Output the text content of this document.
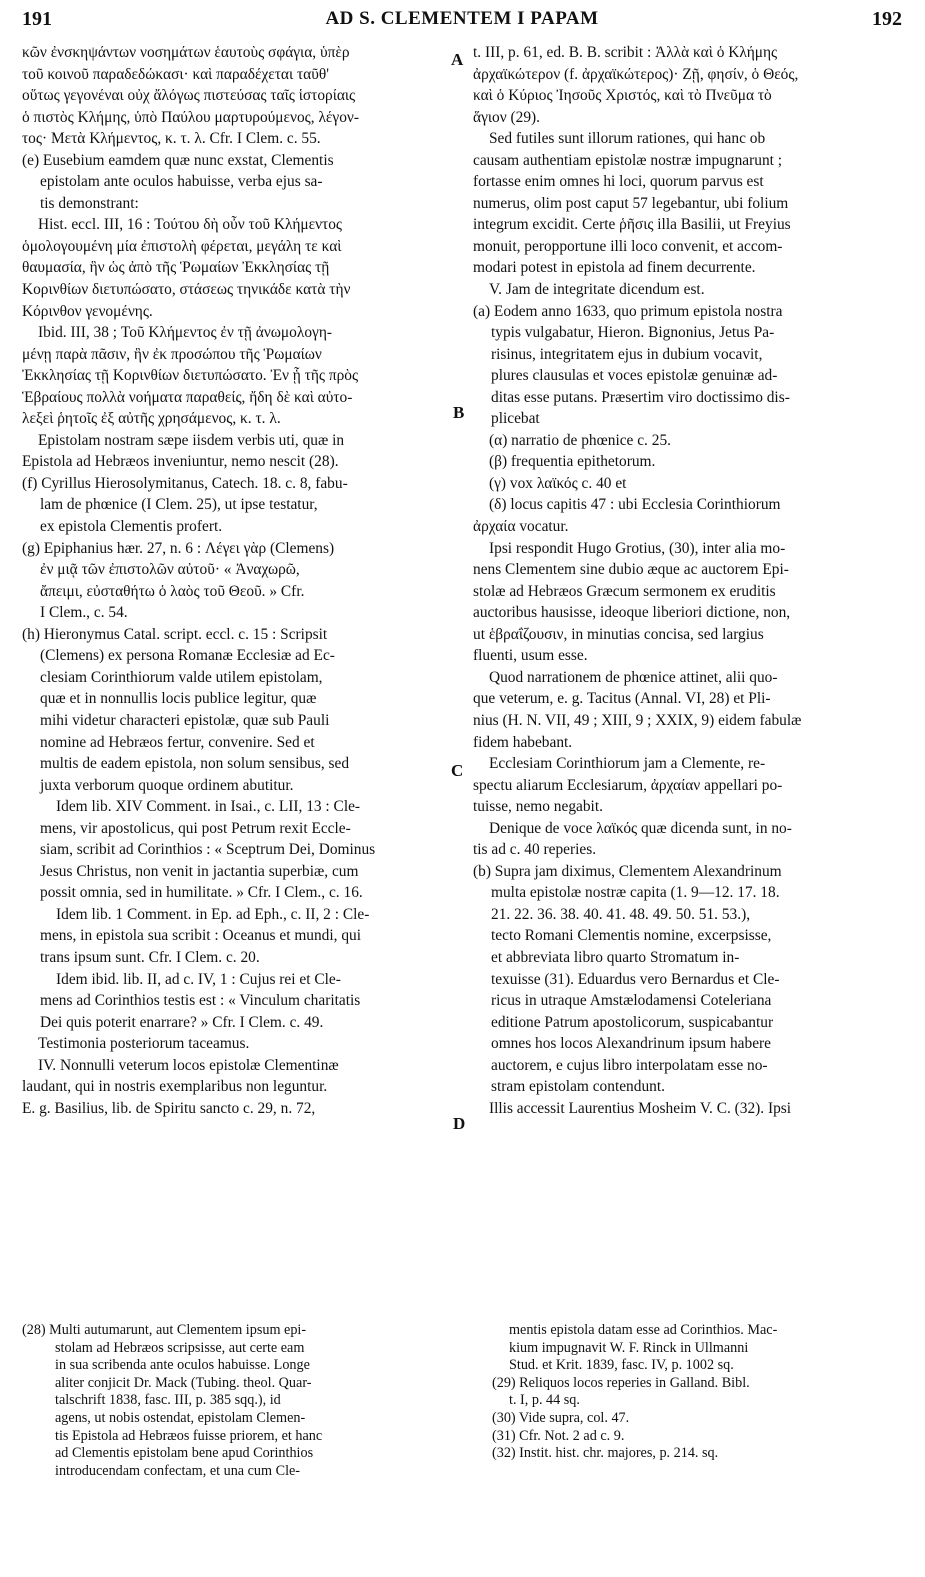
191	AD S. CLEMENTEM I PAPAM	192
κῶν ἐνσκηψάντων νοσημάτων ἑαυτοὺς σφάγια, ὑπὲρ
τοῦ κοινοῦ παραδεδώκασι· καὶ παραδέχεται ταῦθ'
οὕτως γεγονέναι οὐχ ἄλόγως πιστεύσας ταῖς ἱστορίαις
ὁ πιστὸς Κλήμης, ὑπὸ Παύλου μαρτυρούμενος, λέγον-
τος· Μετὰ Κλήμεντος, κ. τ. λ. Cfr. I Clem. c. 55.
(e) Eusebium eamdem quæ nunc exstat, Clementis
epistolam ante oculos habuisse, verba ejus sa-
tis demonstrant:
Hist. eccl. III, 16 : Τούτου δὴ οὖν τοῦ Κλήμεντος
ὁμολογουμένη μία ἐπιστολὴ φέρεται, μεγάλη τε καὶ
θαυμασία, ἣν ὡς ἀπὸ τῆς Ῥωμαίων Ἐκκλησίας τῇ
Κορινθίων διετυπώσατο, στάσεως τηνικάδε κατὰ τὴν
Κόρινθον γενομένης.
Ibid. III, 38 ; Τοῦ Κλήμεντος ἐν τῇ ἀνωμολογη-
μένῃ παρὰ πᾶσιν, ἣν ἐκ προσώπου τῆς Ῥωμαίων
Ἐκκλησίας τῇ Κορινθίων διετυπώσατο. Ἐν ᾗ τῆς πρὸς
Ἑβραίους πολλὰ νοήματα παραθείς, ἤδη δὲ καὶ αὐτο-
λεξεὶ ῥητοῖς ἐξ αὐτῆς χρησάμενος, κ. τ. λ.
Epistolam nostram sæpe iisdem verbis uti, quæ in
Epistola ad Hebræos inveniuntur, nemo nescit (28).
(f) Cyrillus Hierosolymitanus, Catech. 18. c. 8, fabu-
lam de phœnice (I Clem. 25), ut ipse testatur,
ex epistola Clementis profert.
(g) Epiphanius hær. 27, n. 6 : Λέγει γὰρ (Clemens)
ἐν μιᾷ τῶν ἐπιστολῶν αὐτοῦ· « Ἀναχωρῶ,
ἄπειμι, εὐσταθήτω ὁ λαὸς τοῦ Θεοῦ. » Cfr.
I Clem., c. 54.
(h) Hieronymus Catal. script. eccl. c. 15 : Scripsit
(Clemens) ex persona Romanæ Ecclesiæ ad Ec-
clesiam Corinthiorum valde utilem epistolam,
quæ et in nonnullis locis publice legitur, quæ
mihi videtur characteri epistolæ, quæ sub Pauli
nomine ad Hebræos fertur, convenire. Sed et
multis de eadem epistola, non solum sensibus, sed
juxta verborum quoque ordinem abutitur.
Idem lib. XIV Comment. in Isai., c. LII, 13 : Cle-
mens, vir apostolicus, qui post Petrum rexit Eccle-
siam, scribit ad Corinthios : « Sceptrum Dei, Dominus
Jesus Christus, non venit in jactantia superbiæ, cum
possit omnia, sed in humilitate. » Cfr. I Clem., c. 16.
Idem lib. 1 Comment. in Ep. ad Eph., c. II, 2 : Cle-
mens, in epistola sua scribit : Oceanus et mundi, qui
trans ipsum sunt. Cfr. I Clem. c. 20.
Idem ibid. lib. II, ad c. IV, 1 : Cujus rei et Cle-
mens ad Corinthios testis est : « Vinculum charitatis
Dei quis poterit enarrare? » Cfr. I Clem. c. 49.
Testimonia posteriorum taceamus.
IV. Nonnulli veterum locos epistolæ Clementinæ
laudant, qui in nostris exemplaribus non leguntur.
E. g. Basilius, lib. de Spiritu sancto c. 29, n. 72,
t. III, p. 61, ed. B. B. scribit : Ἀλλὰ καὶ ὁ Κλήμης
ἀρχαϊκώτερον (f. ἀρχαϊκώτερος)· Ζῇ, φησίν, ὁ Θεός,
καὶ ὁ Κύριος Ἰησοῦς Χριστός, καὶ τὸ Πνεῦμα τὸ
ἅγιον (29).
Sed futiles sunt illorum rationes, qui hanc ob
causam authentiam epistolæ nostræ impugnarunt ;
fortasse enim omnes hi loci, quorum parvus est
numerus, olim post caput 57 legebantur, ubi folium
integrum excidit. Certe ῥῆσις illa Basilii, ut Freyius
monuit, peropportune illi loco convenit, et accom-
modari potest in epistola ad finem decurrente.
V. Jam de integritate dicendum est.
(a) Eodem anno 1633, quo primum epistola nostra
typis vulgabatur, Hieron. Bignonius, Jetus Pa-
risinus, integritatem ejus in dubium vocavit,
plures clausulas et voces epistolæ genuinæ ad-
ditas esse putans. Præsertim viro doctissimo dis-
plicebat
(α) narratio de phœnice c. 25.
(β) frequentia epithetorum.
(γ) vox λαϊκός c. 40 et
(δ) locus capitis 47 : ubi Ecclesia Corinthiorum
ἀρχαία vocatur.
Ipsi respondit Hugo Grotius, (30), inter alia mo-
nens Clementem sine dubio æque ac auctorem Epi-
stolæ ad Hebræos Græcum sermonem ex eruditis
auctoribus hausisse, ideoque liberiori dictione, non,
ut ἑβραΐζουσιν, in minutias concisa, sed largius
fluenti, usum esse.
Quod narrationem de phœnice attinet, alii quo-
que veterum, e. g. Tacitus (Annal. VI, 28) et Pli-
nius (H. N. VII, 49 ; XIII, 9 ; XXIX, 9) eidem fabulæ
fidem habebant.
Ecclesiam Corinthiorum jam a Clemente, re-
spectu aliarum Ecclesiarum, ἀρχαίαν appellari po-
tuisse, nemo negabit.
Denique de voce λαϊκός quæ dicenda sunt, in no-
tis ad c. 40 reperies.
(b) Supra jam diximus, Clementem Alexandrinum
multa epistolæ nostræ capita (1. 9—12. 17. 18.
21. 22. 36. 38. 40. 41. 48. 49. 50. 51. 53.),
tecto Romani Clementis nomine, excerpsisse,
et abbreviata libro quarto Stromatum in-
texuisse (31). Eduardus vero Bernardus et Cle-
ricus in utraque Amstælodamensi Coteleriana
editione Patrum apostolicorum, suspicabantur
omnes hos locos Alexandrinum ipsum habere
auctorem, e cujus libro interpolatam esse no-
stram epistolam contendunt.
Illis accessit Laurentius Mosheim V. C. (32). Ipsi
A
B
C
D
(28) Multi autumarunt, aut Clementem ipsum epi-
stolam ad Hebræos scripsisse, aut certe eam
in sua scribenda ante oculos habuisse. Longe
aliter conjicit Dr. Mack (Tubing. theol. Quar-
talschrift 1838, fasc. III, p. 385 sqq.), id
agens, ut nobis ostendat, epistolam Clemen-
tis Epistola ad Hebræos fuisse priorem, et hanc
ad Clementis epistolam bene apud Corinthios
introducendam confectam, et una cum Cle-
mentis epistola datam esse ad Corinthios. Mac-
kium impugnavit W. F. Rinck in Ullmanni
Stud. et Krit. 1839, fasc. IV, p. 1002 sq.
(29) Reliquos locos reperies in Galland. Bibl.
t. I, p. 44 sq.
(30) Vide supra, col. 47.
(31) Cfr. Not. 2 ad c. 9.
(32) Instit. hist. chr. majores, p. 214. sq.
